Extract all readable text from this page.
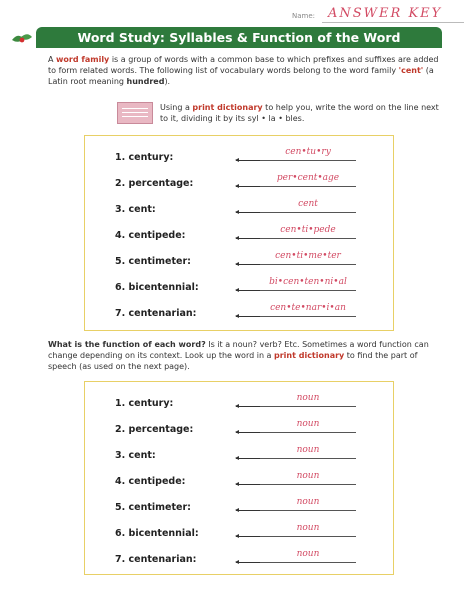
Name: ANSWER KEY
Word Study: Syllables & Function of the Word
A word family is a group of words with a common base to which prefixes and suffixes are added to form related words. The following list of vocabulary words belong to the word family 'cent' (a Latin root meaning hundred).
Using a print dictionary to help you, write the word on the line next to it, dividing it by its syl • la • bles.
1. century:	cen•tu•ry
2. percentage:	per•cent•age
3. cent:	cent
4. centipede:	cen•ti•pede
5. centimeter:	cen•ti•me•ter
6. bicentennial:	bi•cen•ten•ni•al
7. centenarian:	cen•te•nar•i•an
What is the function of each word? Is it a noun? verb? Etc. Sometimes a word function can change depending on its context. Look up the word in a print dictionary to find the part of speech (as used on the next page).
1. century:	noun
2. percentage:	noun
3. cent:	noun
4. centipede:	noun
5. centimeter:	noun
6. bicentennial:	noun
7. centenarian:	noun
